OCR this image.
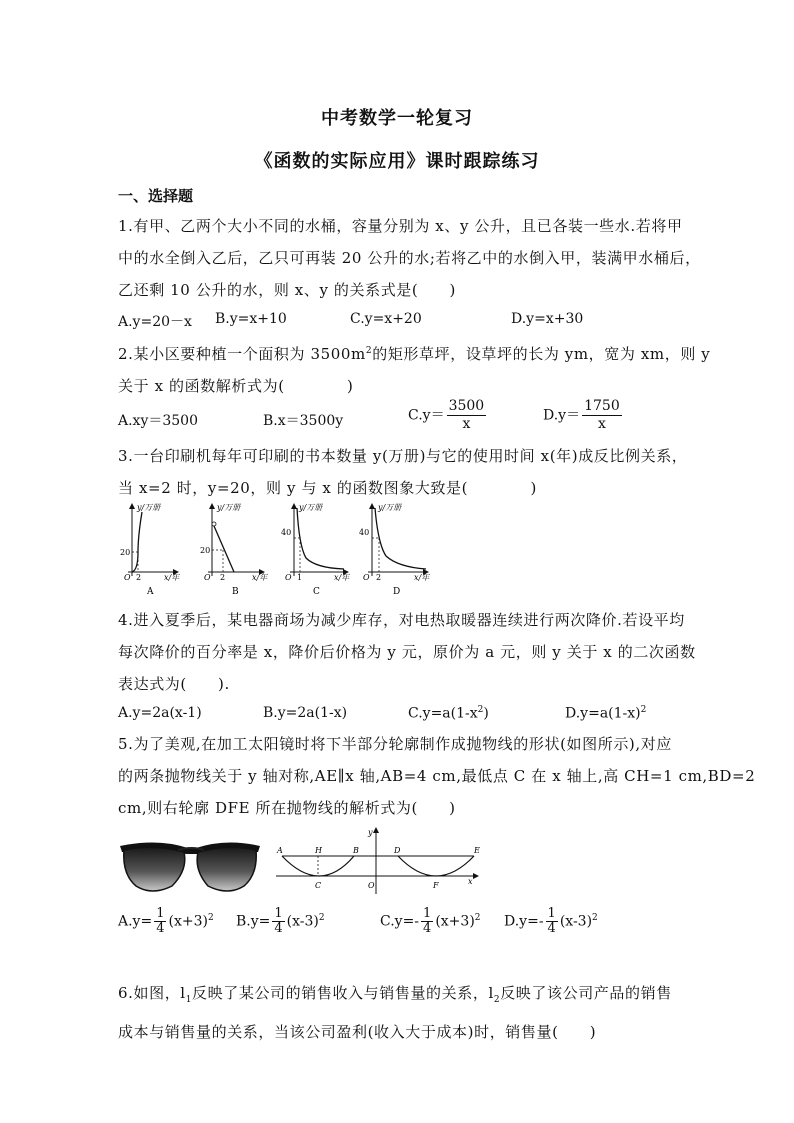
中考数学一轮复习
《函数的实际应用》课时跟踪练习
一、选择题
1.有甲、乙两个大小不同的水桶，容量分别为 x、y 公升，且已各装一些水.若将甲
中的水全倒入乙后，乙只可再装 20 公升的水;若将乙中的水倒入甲，装满甲水桶后，
乙还剩 10 公升的水，则 x、y 的关系式是(　　)
A.y=20－x B.y=x+10	C.y=x+20	D.y=x+30
2.某小区要种植一个面积为 $3500m^2$的矩形草坪，设草坪的长为 ym，宽为 xm，则 y
关于 x 的函数解析式为(　　　　)
A.xy＝3500	B.x＝3500y	$C.y= \frac{3500}{x}$	$D.y= \frac{1750}{x}$
3.一台印刷机每年可印刷的书本数量 y(万册)与它的使用时间 x(年)成反比例关系，
当 x=2 时，y=20，则 y 与 x 的函数图象大致是(　　　　)
y/万册
20
O 2	x/年
A
y/万册
20
O 2	x/年
B
y/万册
40
O 1	x/年
C
y/万册
40
O 2	x/年
D
4.进入夏季后，某电器商场为减少库存，对电热取暖器连续进行两次降价.若设平均
每次降价的百分率是 x，降价后价格为 y 元，原价为 a 元，则 y 关于 x 的二次函数
表达式为(　　).
A.y=2a(x-1)	B.y=2a(1-x)	$C.y=a(1-x^2)$	$D.y=a(1-x)^2$
5.为了美观,在加工太阳镜时将下半部分轮廓制作成抛物线的形状(如图所示),对应
的两条抛物线关于 y 轴对称,AE∥x 轴,AB=4 cm,最低点 C 在 x 轴上,高 CH=1 cm,BD=2
cm,则右轮廓 DFE 所在抛物线的解析式为(　　)
A	H	B	D	E
C	O	F	x
y
$A.y= \frac{1}{4} (x+3)^2$ $B.y= \frac{1}{4} (x-3)^2$	$C.y=- \frac{1}{4} (x+3)^2$ $D.y=- \frac{1}{4} (x-3)^2$
6.如图，$l_1$反映了某公司的销售收入与销售量的关系，$l_2$反映了该公司产品的销售
成本与销售量的关系，当该公司盈利(收入大于成本)时，销售量(　　)
